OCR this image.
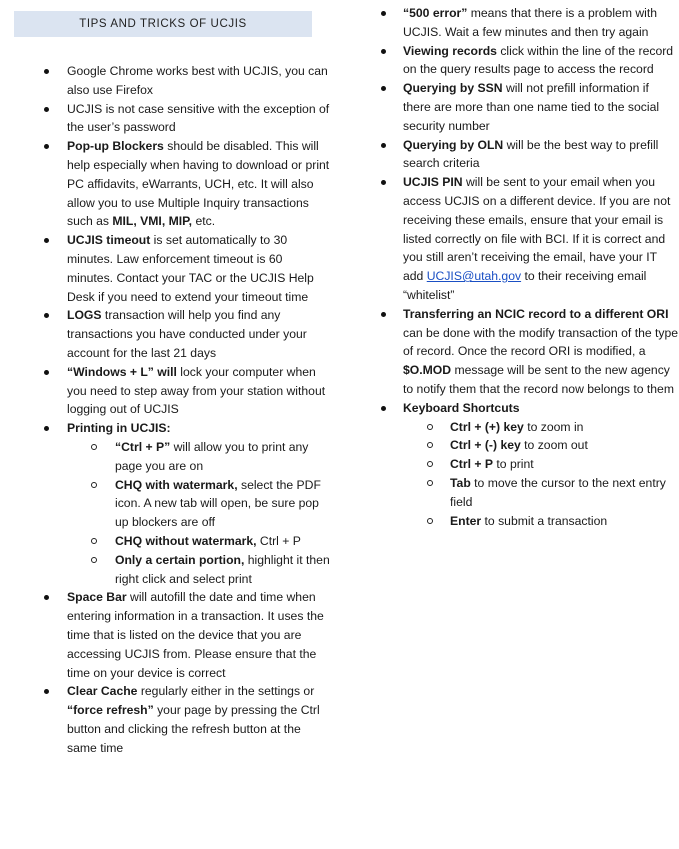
TIPS AND TRICKS OF UCJIS
Google Chrome works best with UCJIS, you can also use Firefox
UCJIS is not case sensitive with the exception of the user’s password
Pop-up Blockers should be disabled. This will help especially when having to download or print PC affidavits, eWarrants, UCH, etc. It will also allow you to use Multiple Inquiry transactions such as MIL, VMI, MIP, etc.
UCJIS timeout is set automatically to 30 minutes. Law enforcement timeout is 60 minutes. Contact your TAC or the UCJIS Help Desk if you need to extend your timeout time
LOGS transaction will help you find any transactions you have conducted under your account for the last 21 days
“Windows + L” will lock your computer when you need to step away from your station without logging out of UCJIS
Printing in UCJIS:
“Ctrl + P” will allow you to print any page you are on
CHQ with watermark, select the PDF icon. A new tab will open, be sure pop up blockers are off
CHQ without watermark, Ctrl + P
Only a certain portion, highlight it then right click and select print
Space Bar will autofill the date and time when entering information in a transaction. It uses the time that is listed on the device that you are accessing UCJIS from. Please ensure that the time on your device is correct
Clear Cache regularly either in the settings or “force refresh” your page by pressing the Ctrl button and clicking the refresh button at the same time
“500 error” means that there is a problem with UCJIS. Wait a few minutes and then try again
Viewing records click within the line of the record on the query results page to access the record
Querying by SSN will not prefill information if there are more than one name tied to the social security number
Querying by OLN will be the best way to prefill search criteria
UCJIS PIN will be sent to your email when you access UCJIS on a different device. If you are not receiving these emails, ensure that your email is listed correctly on file with BCI. If it is correct and you still aren’t receiving the email, have your IT add UCJIS@utah.gov to their receiving email “whitelist”
Transferring an NCIC record to a different ORI can be done with the modify transaction of the type of record. Once the record ORI is modified, a $O.MOD message will be sent to the new agency to notify them that the record now belongs to them
Keyboard Shortcuts
Ctrl + (+) key to zoom in
Ctrl + (-) key to zoom out
Ctrl + P to print
Tab to move the cursor to the next entry field
Enter to submit a transaction
